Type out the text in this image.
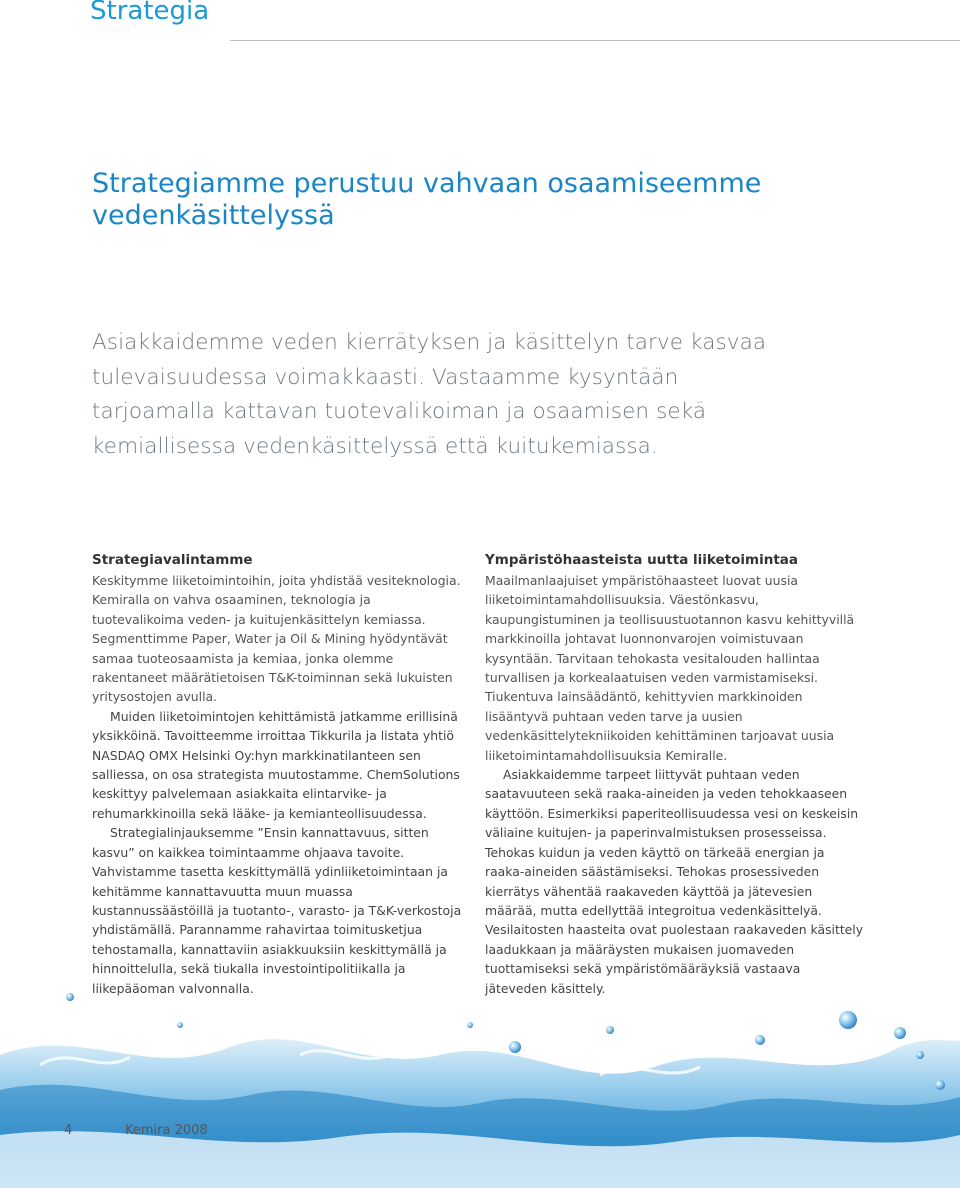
Strategia
Strategiamme perustuu vahvaan osaamiseemme vedenkäsittelyssä
Asiakkaidemme veden kierrätyksen ja käsittelyn tarve kasvaa tulevaisuudessa voimakkaasti. Vastaamme kysyntään tarjoamalla kattavan tuotevalikoiman ja osaamisen sekä kemiallisessa vedenkäsittelyssä että kuitukemiassa.
Strategiavalintamme

Keskitymme liiketoimintoihin, joita yhdistää vesiteknologia. Kemiralla on vahva osaaminen, teknologia ja tuotevalikoima veden- ja kuitujenkäsittelyn kemiassa. Segmenttimme Paper, Water ja Oil & Mining hyödyntävät samaa tuoteosaamista ja kemiaa, jonka olemme rakentaneet määrätietoisen T&K-toiminnan sekä lukuisten yritysostojen avulla.

Muiden liiketoimintojen kehittämistä jatkamme erillisinä yksikköinä. Tavoitteemme irroittaa Tikkurila ja listata yhtiö NASDAQ OMX Helsinki Oy:hyn markkinatilanteen sen salliessa, on osa strategista muutostamme. ChemSolutions keskittyy palvelemaan asiakkaita elintarvike- ja rehumarkkinoilla sekä lääke- ja kemianteollisuudessa.

Strategialinjauksemme ”Ensin kannattavuus, sitten kasvu” on kaikkea toimintaamme ohjaava tavoite. Vahvistamme tasetta keskittymällä ydinliiketoimintaan ja kehitämme kannattavuutta muun muassa kustannussäästöillä ja tuotanto-, varasto- ja T&K-verkostoja yhdistämällä. Parannamme rahavirtaa toimitusketjua tehostamalla, kannattaviin asiakkuuksiin keskittymällä ja hinnoittelulla, sekä tiukalla investointipolitiikalla ja liikepääoman valvonnalla.

Ympäristöhaasteista uutta liiketoimintaa

Maailmanlaajuiset ympäristöhaasteet luovat uusia liiketoimintamahdollisuuksia. Väestönkasvu, kaupungistuminen ja teollisuustuotannon kasvu kehittyvillä markkinoilla johtavat luonnonvarojen voimistuvaan kysyntään. Tarvitaan tehokasta vesitalouden hallintaa turvallisen ja korkealaatuisen veden varmistamiseksi. Tiukentuva lainsäädäntö, kehittyvien markkinoiden lisääntyvä puhtaan veden tarve ja uusien vedenkäsittelytekniikoiden kehittäminen tarjoavat uusia liiketoimintamahdollisuuksia Kemiralle.

Asiakkaidemme tarpeet liittyvät puhtaan veden saatavuuteen sekä raaka-aineiden ja veden tehokkaaseen käyttöön. Esimerkiksi paperiteollisuudessa vesi on keskeisin väliaine kuitujen- ja paperinvalmistuksen prosesseissa. Tehokas kuidun ja veden käyttö on tärkeää energian ja raaka-aineiden säästämiseksi. Tehokas prosessiveden kierrätys vähentää raakaveden käyttöä ja jätevesien määrää, mutta edellyttää integroitua vedenkäsittelyä. Vesilaitosten haasteita ovat puolestaan raakaveden käsittely laadukkaan ja määräysten mukaisen juomaveden tuottamiseksi sekä ympäristömääräyksiä vastaava jäteveden käsittely.

4	Kemira 2008
